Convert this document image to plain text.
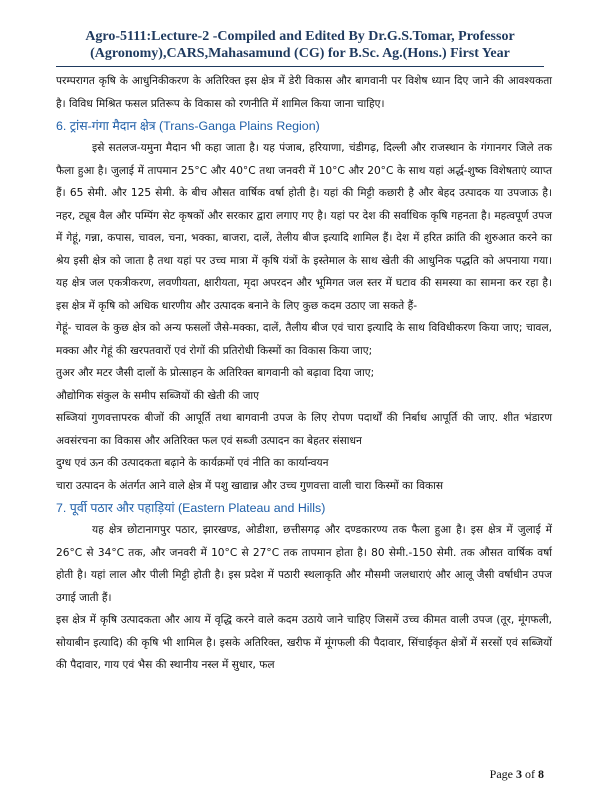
Agro-5111:Lecture-2 -Compiled and Edited By Dr.G.S.Tomar, Professor
(Agronomy),CARS,Mahasamund (CG) for B.Sc. Ag.(Hons.) First Year

परम्परागत कृषि के आधुनिकीकरण के अतिरिक्त इस क्षेत्र में डेरी विकास और बागवानी पर विशेष ध्यान दिए जाने की आवश्यकता है। विविध मिश्रित फसल प्रतिरूप के विकास को रणनीति में शामिल किया जाना चाहिए।

6. ट्रांस-गंगा मैदान क्षेत्र (Trans-Ganga Plains Region)

इसे सतलज-यमुना मैदान भी कहा जाता है। यह पंजाब, हरियाणा, चंडीगढ़, दिल्ली और राजस्थान के गंगानगर जिले तक फैला हुआ है। जुलाई में तापमान 25°C और 40°C तथा जनवरी में 10°C और 20°C के साथ यहां अर्द्ध-शुष्क विशेषताएं व्याप्त हैं। 65 सेमी. और 125 सेमी. के बीच औसत वार्षिक वर्षा होती है। यहां की मिट्टी कछारी है और बेहद उत्पादक या उपजाऊ है। नहर, ट्यूब वैल और पम्पिंग सेट कृषकों और सरकार द्वारा लगाए गए है। यहां पर देश की सर्वाधिक कृषि गहनता है। महत्वपूर्ण उपज में गेहूं, गन्ना, कपास, चावल, चना, भक्का, बाजरा, दालें, तेलीय बीज इत्यादि शामिल हैं। देश में हरित क्रांति की शुरुआत करने का श्रेय इसी क्षेत्र को जाता है तथा यहां पर उच्च मात्रा में कृषि यंत्रों के इस्तेमाल के साथ खेती की आधुनिक पद्धति को अपनाया गया। यह क्षेत्र जल एकत्रीकरण, लवणीयता, क्षारीयता, मृदा अपरदन और भूमिगत जल स्तर में घटाव की समस्या का सामना कर रहा है। इस क्षेत्र में कृषि को अधिक धारणीय और उत्पादक बनाने के लिए कुछ कदम उठाए जा सकते हैं-

गेहूं- चावल के कुछ क्षेत्र को अन्य फसलों जैसे-मक्का, दालें, तैलीय बीज एवं चारा इत्यादि के साथ विविधीकरण किया जाए; चावल, मक्का और गेहूं की खरपतवारों एवं रोगों की प्रतिरोधी किस्मों का विकास किया जाए;

तुअर और मटर जैसी दालों के प्रोत्साहन के अतिरिक्त बागवानी को बढ़ावा दिया जाए;

औद्योगिक संकुल के समीप सब्जियों की खेती की जाए

सब्जियां गुणवत्तापरक बीजों की आपूर्ति तथा बागवानी उपज के लिए रोपण पदार्थों की निर्बाध आपूर्ति की जाए. शीत भंडारण अवसंरचना का विकास और अतिरिक्त फल एवं सब्जी उत्पादन का बेहतर संसाधन

दुग्ध एवं ऊन की उत्पादकता बढ़ाने के कार्यक्रमों एवं नीति का कार्यान्वयन

चारा उत्पादन के अंतर्गत आने वाले क्षेत्र में पशु खाद्यान्न और उच्च गुणवत्ता वाली चारा किस्मों का विकास

7. पूर्वी पठार और पहाड़ियां (Eastern Plateau and Hills)

यह क्षेत्र छोटानागपुर पठार, झारखण्ड, ओडीशा, छत्तीसगढ़ और दण्डकारण्य तक फैला हुआ है। इस क्षेत्र में जुलाई में 26°C से 34°C तक, और जनवरी में 10°C से 27°C तक तापमान होता है। 80 सेमी.-150 सेमी. तक औसत वार्षिक वर्षा होती है। यहां लाल और पीली मिट्टी होती है। इस प्रदेश में पठारी स्थलाकृति और मौसमी जलधाराएं और आलू जैसी वर्षाधीन उपज उगाई जाती हैं।

इस क्षेत्र में कृषि उत्पादकता और आय में वृद्धि करने वाले कदम उठाये जाने चाहिए जिसमें उच्च कीमत वाली उपज (तूर, मूंगफली, सोयाबीन इत्यादि) की कृषि भी शामिल है। इसके अतिरिक्त, खरीफ में मूंगफली की पैदावार, सिंचाईकृत क्षेत्रों में सरसों एवं सब्जियों की पैदावार, गाय एवं भैस की स्थानीय नस्ल में सुधार, फल

Page 3 of 8
